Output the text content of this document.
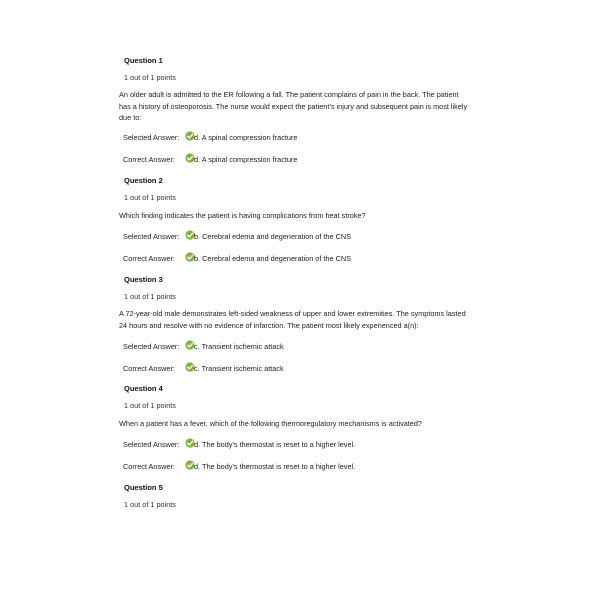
Question 1
1 out of 1 points
An older adult is admitted to the ER following a fall. The patient complains of pain in the back. The patient has a history of osteoporosis. The nurse would expect the patient’s injury and subsequent pain is most likely due to:
Selected Answer: d. A spinal compression fracture
Correct Answer:	d. A spinal compression fracture
Question 2
1 out of 1 points
Which finding indicates the patient is having complications from heat stroke?
Selected Answer: b. Cerebral edema and degeneration of the CNS
Correct Answer:	b. Cerebral edema and degeneration of the CNS
Question 3
1 out of 1 points
A 72-year-old male demonstrates left-sided weakness of upper and lower extremities. The symptoms lasted 24 hours and resolve with no evidence of infarction. The patient most likely experienced a(n):
Selected Answer: c. Transient ischemic attack
Correct Answer:	c. Transient ischemic attack
Question 4
1 out of 1 points
When a patient has a fever, which of the following thermoregulatory mechanisms is activated?
Selected Answer: d. The body’s thermostat is reset to a higher level.
Correct Answer:	d. The body’s thermostat is reset to a higher level.
Question 5
1 out of 1 points
